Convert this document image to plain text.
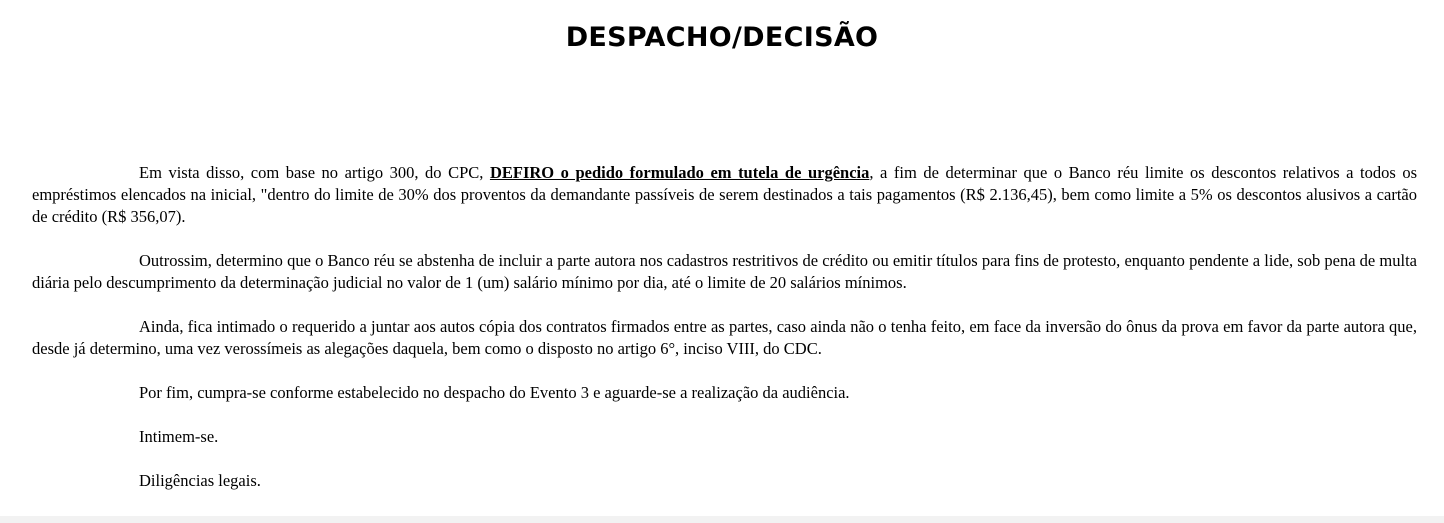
DESPACHO/DECISÃO

Em vista disso, com base no artigo 300, do CPC, DEFIRO o pedido formulado em tutela de urgência, a fim de determinar que o Banco réu limite os descontos relativos a todos os empréstimos elencados na inicial, "dentro do limite de 30% dos proventos da demandante passíveis de serem destinados a tais pagamentos (R$ 2.136,45), bem como limite a 5% os descontos alusivos a cartão de crédito (R$ 356,07).

Outrossim, determino que o Banco réu se abstenha de incluir a parte autora nos cadastros restritivos de crédito ou emitir títulos para fins de protesto, enquanto pendente a lide, sob pena de multa diária pelo descumprimento da determinação judicial no valor de 1 (um) salário mínimo por dia, até o limite de 20 salários mínimos.

Ainda, fica intimado o requerido a juntar aos autos cópia dos contratos firmados entre as partes, caso ainda não o tenha feito, em face da inversão do ônus da prova em favor da parte autora que, desde já determino, uma vez verossímeis as alegações daquela, bem como o disposto no artigo 6°, inciso VIII, do CDC.

Por fim, cumpra-se conforme estabelecido no despacho do Evento 3 e aguarde-se a realização da audiência.

Intimem-se.

Diligências legais.
